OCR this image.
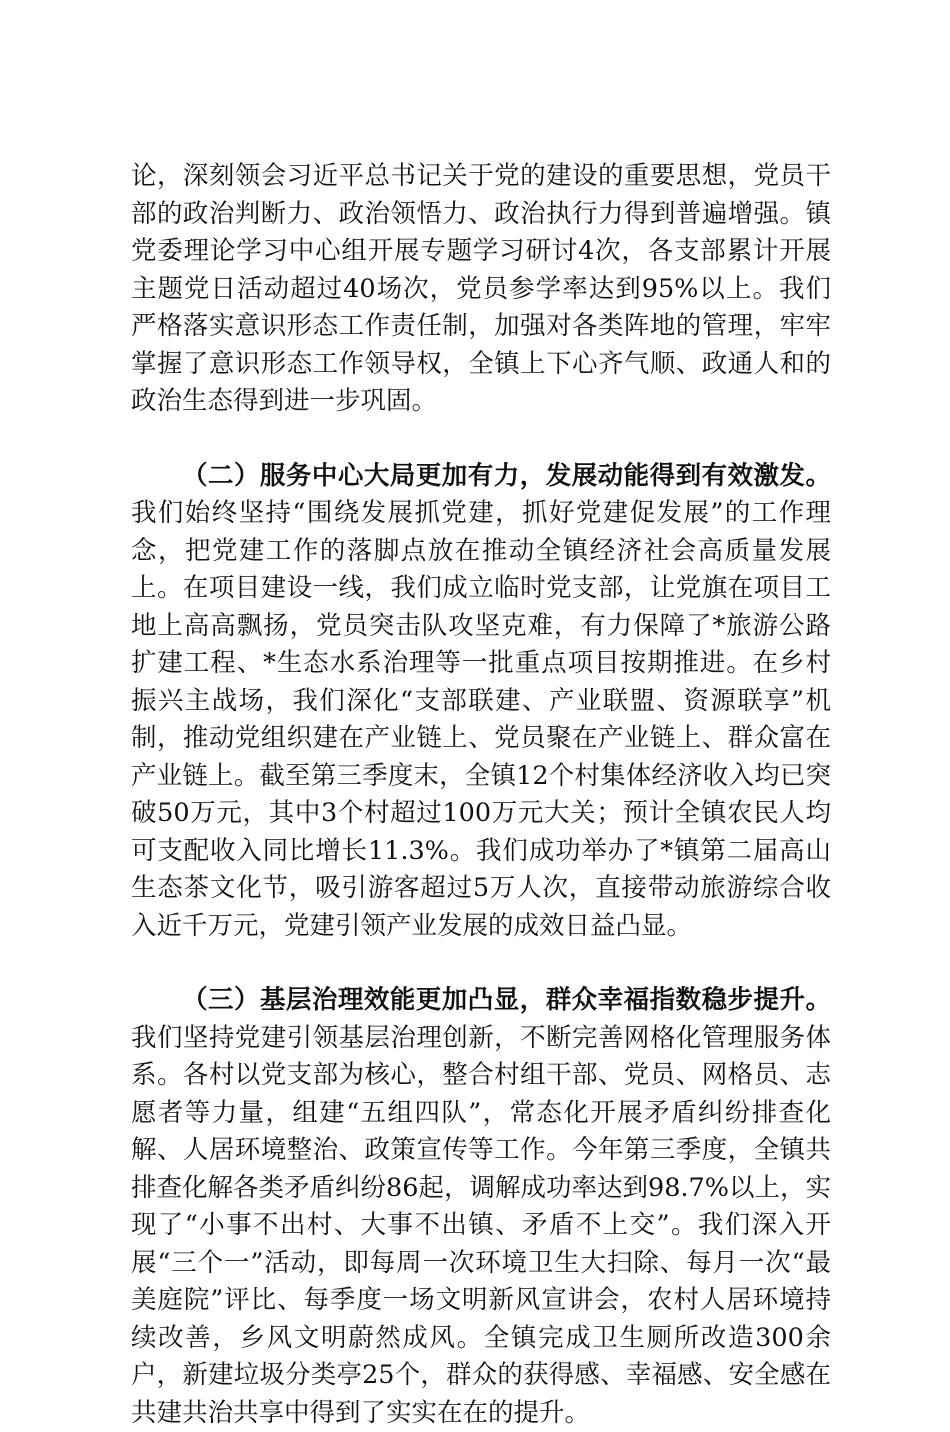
论，深刻领会习近平总书记关于党的建设的重要思想，党员干部的政治判断力、政治领悟力、政治执行力得到普遍增强。镇党委理论学习中心组开展专题学习研讨4次，各支部累计开展主题党日活动超过40场次，党员参学率达到95%以上。我们严格落实意识形态工作责任制，加强对各类阵地的管理，牢牢掌握了意识形态工作领导权，全镇上下心齐气顺、政通人和的政治生态得到进一步巩固。

（二）服务中心大局更加有力，发展动能得到有效激发。我们始终坚持“围绕发展抓党建，抓好党建促发展”的工作理念，把党建工作的落脚点放在推动全镇经济社会高质量发展上。在项目建设一线，我们成立临时党支部，让党旗在项目工地上高高飘扬，党员突击队攻坚克难，有力保障了*旅游公路扩建工程、*生态水系治理等一批重点项目按期推进。在乡村振兴主战场，我们深化“支部联建、产业联盟、资源联享”机制，推动党组织建在产业链上、党员聚在产业链上、群众富在产业链上。截至第三季度末，全镇12个村集体经济收入均已突破50万元，其中3个村超过100万元大关；预计全镇农民人均可支配收入同比增长11.3%。我们成功举办了*镇第二届高山生态茶文化节，吸引游客超过5万人次，直接带动旅游综合收入近千万元，党建引领产业发展的成效日益凸显。

（三）基层治理效能更加凸显，群众幸福指数稳步提升。我们坚持党建引领基层治理创新，不断完善网格化管理服务体系。各村以党支部为核心，整合村组干部、党员、网格员、志愿者等力量，组建“五组四队”，常态化开展矛盾纠纷排查化解、人居环境整治、政策宣传等工作。今年第三季度，全镇共排查化解各类矛盾纠纷86起，调解成功率达到98.7%以上，实现了“小事不出村、大事不出镇、矛盾不上交”。我们深入开展“三个一”活动，即每周一次环境卫生大扫除、每月一次“最美庭院”评比、每季度一场文明新风宣讲会，农村人居环境持续改善，乡风文明蔚然成风。全镇完成卫生厕所改造300余户，新建垃圾分类亭25个，群众的获得感、幸福感、安全感在共建共治共享中得到了实实在在的提升。
